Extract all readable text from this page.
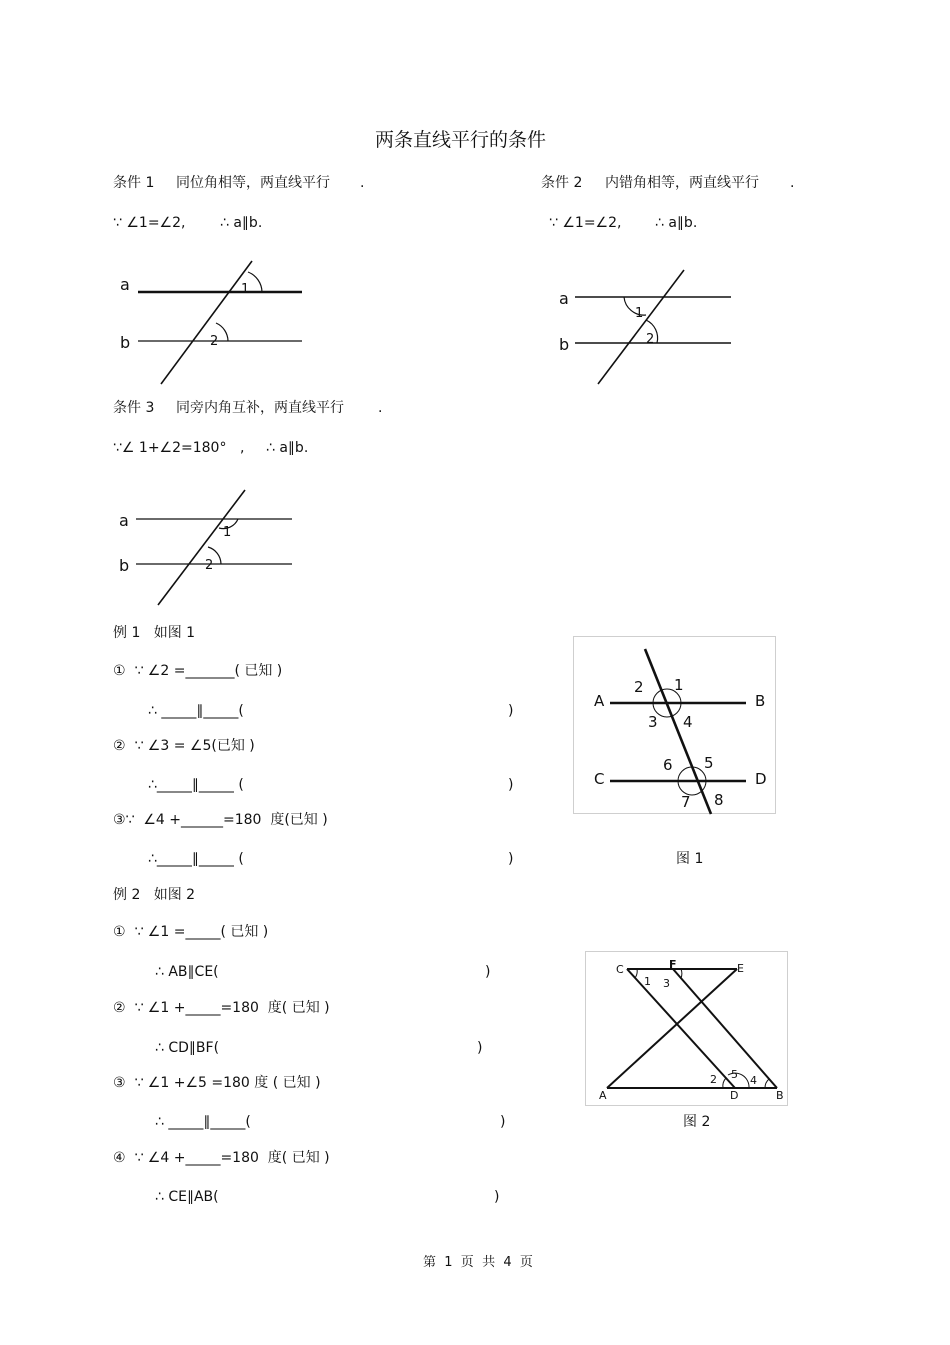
两条直线平行的条件
条件 1 同位角相等，两直线平行 .
∵ ∠1=∠2, ∴ a∥b.
条件 2 内错角相等，两直线平行 .
∵ ∠1=∠2, ∴ a∥b.
a
b
1
2
a
b
1
2
条件 3 同旁内角互补，两直线平行 .
∵∠ 1+∠2=180° , ∴ a∥b.
a
b
1
2
例 1   如图 1
①  ∵ ∠2 =_______( 已知 )
∴ _____∥_____(	)
②  ∵ ∠3 = ∠5(已知 )
∴_____∥_____ (	)
③∵  ∠4 +______=180  度(已知 )
∴_____∥_____ (	)
A	B
C	D
2 1
3 4
6 5
7 8
图 1
例 2   如图 2
①  ∵ ∠1 =_____( 已知 )
∴ AB∥CE(	)
②  ∵ ∠1 +_____=180  度( 已知 )
∴ CD∥BF(	)
③  ∵ ∠1 +∠5 =180 度 ( 已知 )
∴ _____∥_____(	)
④  ∵ ∠4 +_____=180  度( 已知 )
∴ CE∥AB(	)
C	F	E
1 3
A	D	B
2 5 4
图 2
第  1  页  共  4  页
